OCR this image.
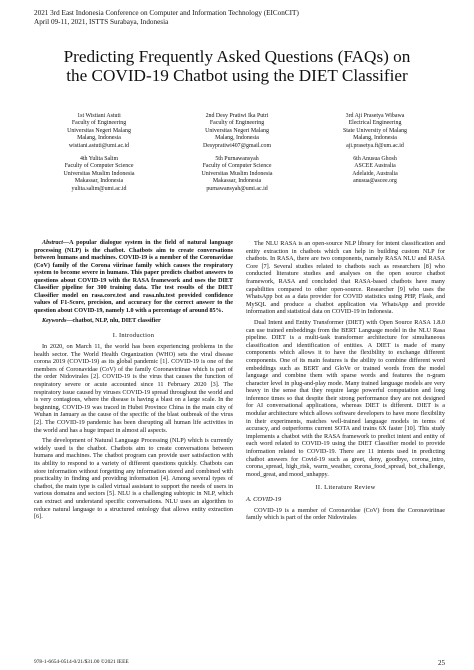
2021 3rd East Indonesia Conference on Computer and Information Technology (EIConCIT)
April 09-11, 2021, ISTTS Surabaya, Indonesia
Predicting Frequently Asked Questions (FAQs) on
the COVID-19 Chatbot using the DIET Classifier
1st Wistiani Astuti
Faculty of Engineering
Universitas Negeri Malang
Malang, Indonesia
wistiani.astuti@umi.ac.id
2nd Desy Pratiwi Ika Putri
Faculty of Engineering
Universitas Negeri Malang
Malang, Indonesia
Desypratiwi407@gmail.com
3rd Aji Prasetya Wibawa
Electrical Engineering
State University of Malang
Malang, Indonesia
aji.prasetya.ft@um.ac.id
4th Yulita Salim
Faculty of Computer Science
Universitas Muslim Indonesia
Makassar, Indonesia
yulita.salim@umi.ac.id
5th Purnawansyah
Faculty of Computer Science
Universitas Muslim Indonesia
Makassar, Indonesia
purnawansyah@umi.ac.id
6th Anusua Ghosh
ASCEE Australia
Adelaide, Australia
anusua@ascee.org

Abstract—A popular dialogue system in the field of natural language processing (NLP) is the chatbot. Chatbots aim to create conversations between humans and machines. COVID-19 is a member of the Coronavidae (CoV) family of the Corona viirinae family which causes the respiratory system to become severe in humans. This paper predicts chatbot answers to questions about COVID-19 with the RASA framework and uses the DIET Classifier pipeline for 300 training data. The test results of the DIET Classifier model on rasa.core.test and rasa.nlu.test provided confidence values of F1-Score, precision, and accuracy for the correct answer to the question about COVID-19, namely 1.0 with a percentage of around 85%.

Keywords—chatbot, NLP, nlu, DIET classifier

I. Introduction

In 2020, on March 11, the world has been experiencing problems in the health sector. The World Health Organization (WHO) sets the viral disease corona 2019 (COVID-19) as its global pandemic [1]. COVID-19 is one of the members of Coronavidae (CoV) of the family Coronaviriinae which is part of the order Nidovirales [2]. COVID-19 is the virus that causes the function of respiratory severe or acute accounted since 11 February 2020 [3]. The respiratory issue caused by viruses COVID-19 spread throughout the world and is very contagious, where the disease is having a blast on a large scale. In the beginning, COVID-19 was traced in Hubei Province China in the main city of Wuhan in January as the cause of the specific of the blast outbreak of the virus [2]. The COVID-19 pandemic has been disrupting all human life activities in the world and has a huge impact in almost all aspects.

The development of Natural Language Processing (NLP) which is currently widely used is the chatbot. Chatbots aim to create conversations between humans and machines. The chatbot program can provide user satisfaction with its ability to respond to a variety of different questions quickly. Chatbots can store information without forgetting any information stored and combined with practicality in finding and providing information [4]. Among several types of chatbot, the main type is called virtual assistant to support the needs of users in various domains and sectors [5]. NLU is a challenging subtopic in NLP, which can extract and understand specific conversations. NLU uses an algorithm to reduce natural language to a structured ontology that allows entity extraction [6].

The NLU RASA is an open-source NLP library for intent classification and entity extraction in chatbots which can help in building custom NLP for chatbots. In RASA, there are two components, namely RASA NLU and RASA Core [7]. Several studies related to chatbots such as researchers [8] who conducted literature studies and analyses on the open source chatbot framework, RASA and concluded that RASA-based chatbots have many capabilities compared to other open-source. Researcher [9] who uses the WhatsApp bot as a data provider for COVID statistics using PHP, Flask, and MySQL and produce a chatbot application via WhatsApp and provide information and statistical data on COVID-19 in Indonesia.

Dual Intent and Entity Transformer (DIET) with Open Source RASA 1.8.0 can use trained embeddings from the BERT Language model in the NLU Rasa pipeline. DIET is a multi-task transformer architecture for simultaneous classification and identification of entities. A DIET is made of many components which allows it to have the flexibility to exchange different components. One of its main features is the ability to combine different word embeddings such as BERT and GloVe or trained words from the model language and combine them with sparse words and features the n-gram character level in plug-and-play mode. Many trained language models are very heavy in the sense that they require large powerful computation and long inference times so that despite their strong performance they are not designed for AI conversational applications, whereas DIET is different. DIET is a modular architecture which allows software developers to have more flexibility in their experiments, matches well-trained language models in terms of accuracy, and outperforms current SOTA and trains 6X faster [10]. This study implements a chatbot with the RASA framework to predict intent and entity of each word related to COVID-19 using the DIET Classifier model to provide information related to COVID-19. There are 11 intents used in predicting chatbot answers for Covid-19 such as greet, deny, goodbye, corona_intro, corona_spread, high_risk, warm_weather, corona_food_spread, bot_challenge, mood_great, and mood_unhappy.

II. Literature Review
A. COVID-19

COVID-19 is a member of Coronavidae (CoV) from the Coronaviriinae family which is part of the order Nidovirales

978-1-6654-0514-0/21/$31.00 ©2021 IEEE	25
